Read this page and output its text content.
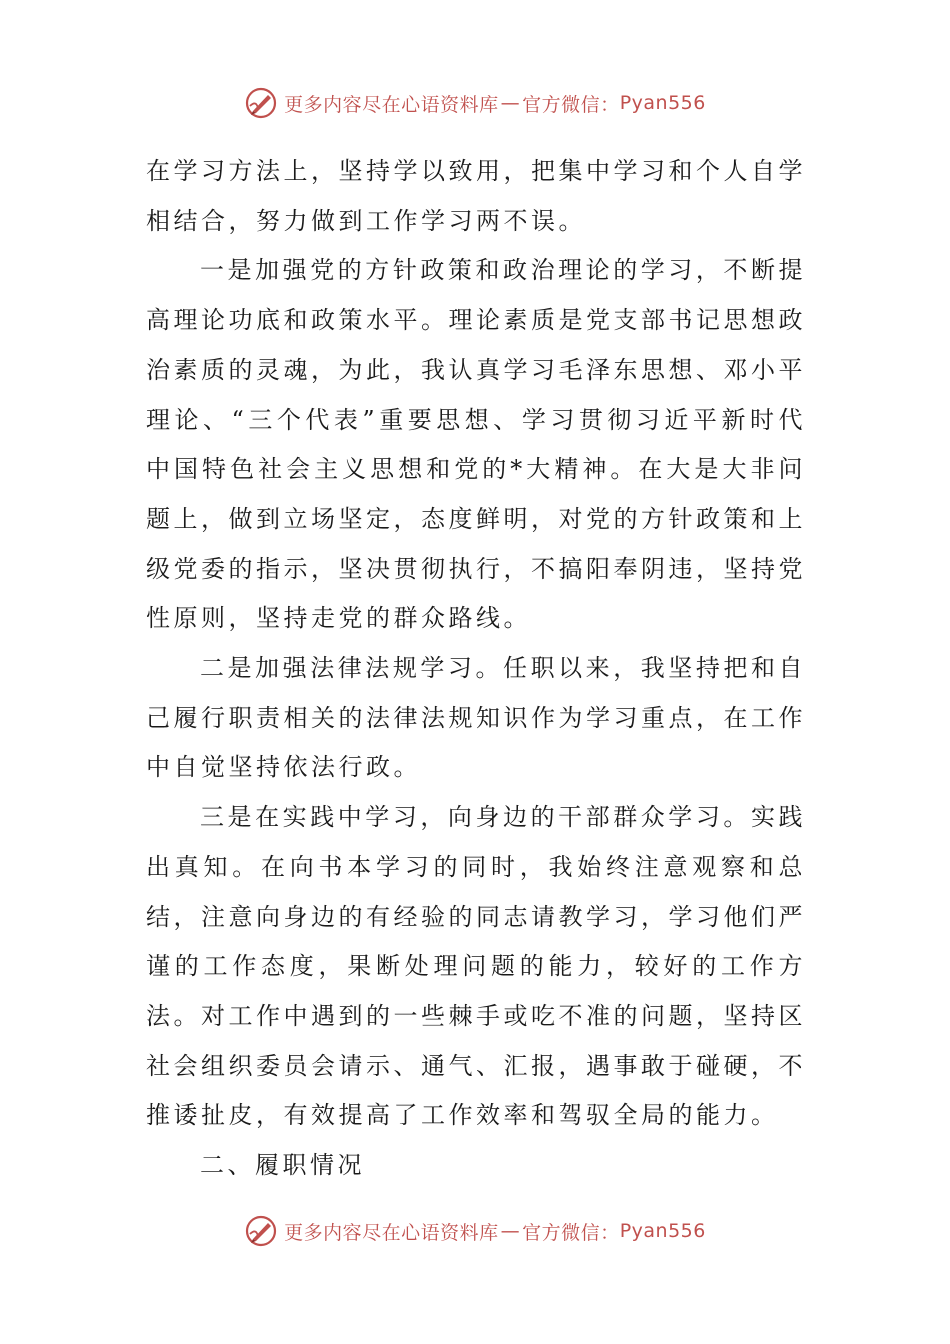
更多内容尽在心语资料库 — 官方微信： Pyan556

在学习方法上，坚持学以致用，把集中学习和个人自学相结合，努力做到工作学习两不误。

一是加强党的方针政策和政治理论的学习，不断提高理论功底和政策水平。理论素质是党支部书记思想政治素质的灵魂，为此，我认真学习毛泽东思想、邓小平理论、“三个代表”重要思想、学习贯彻习近平新时代中国特色社会主义思想和党的*大精神。在大是大非问题上，做到立场坚定，态度鲜明，对党的方针政策和上级党委的指示，坚决贯彻执行，不搞阳奉阴违，坚持党性原则，坚持走党的群众路线。

二是加强法律法规学习。任职以来，我坚持把和自己履行职责相关的法律法规知识作为学习重点，在工作中自觉坚持依法行政。

三是在实践中学习，向身边的干部群众学习。实践出真知。在向书本学习的同时，我始终注意观察和总结，注意向身边的有经验的同志请教学习，学习他们严谨的工作态度，果断处理问题的能力，较好的工作方法。对工作中遇到的一些棘手或吃不准的问题，坚持区社会组织委员会请示、通气、汇报，遇事敢于碰硬，不推诿扯皮，有效提高了工作效率和驾驭全局的能力。

二、履职情况

更多内容尽在心语资料库 — 官方微信： Pyan556
